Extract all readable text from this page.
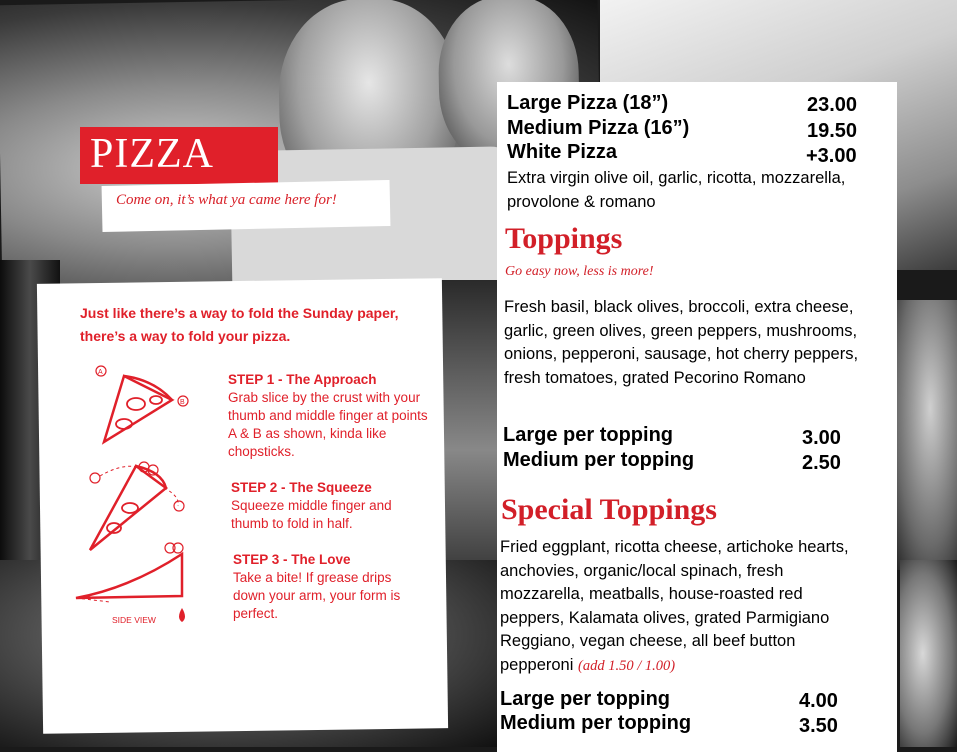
PIZZA
Come on, it’s what ya came here for!
Just like there’s a way to fold the Sunday paper, there’s a way to fold your pizza.
A
B
SIDE VIEW
STEP 1 - The Approach
Grab slice by the crust with your thumb and middle finger at points A & B as shown, kinda like chopsticks.
STEP 2 - The Squeeze
Squeeze middle finger and thumb to fold in half.
STEP 3 - The Love
Take a bite! If grease drips down your arm, your form is perfect.
Large Pizza (18”)	23.00
Medium Pizza (16”)	19.50
White Pizza	+3.00
Extra virgin olive oil, garlic, ricotta, mozzarella, provolone & romano
Toppings
Go easy now, less is more!
Fresh basil, black olives, broccoli, extra cheese, garlic, green olives, green peppers, mushrooms, onions, pepperoni, sausage, hot cherry peppers, fresh tomatoes, grated Pecorino Romano
Large per topping	3.00
Medium per topping	2.50
Special Toppings
Fried eggplant, ricotta cheese, artichoke hearts, anchovies, organic/local spinach, fresh mozzarella, meatballs, house-roasted red peppers, Kalamata olives, grated Parmigiano Reggiano, vegan cheese, all beef button pepperoni (add 1.50 / 1.00)
Large per topping	4.00
Medium per topping	3.50
